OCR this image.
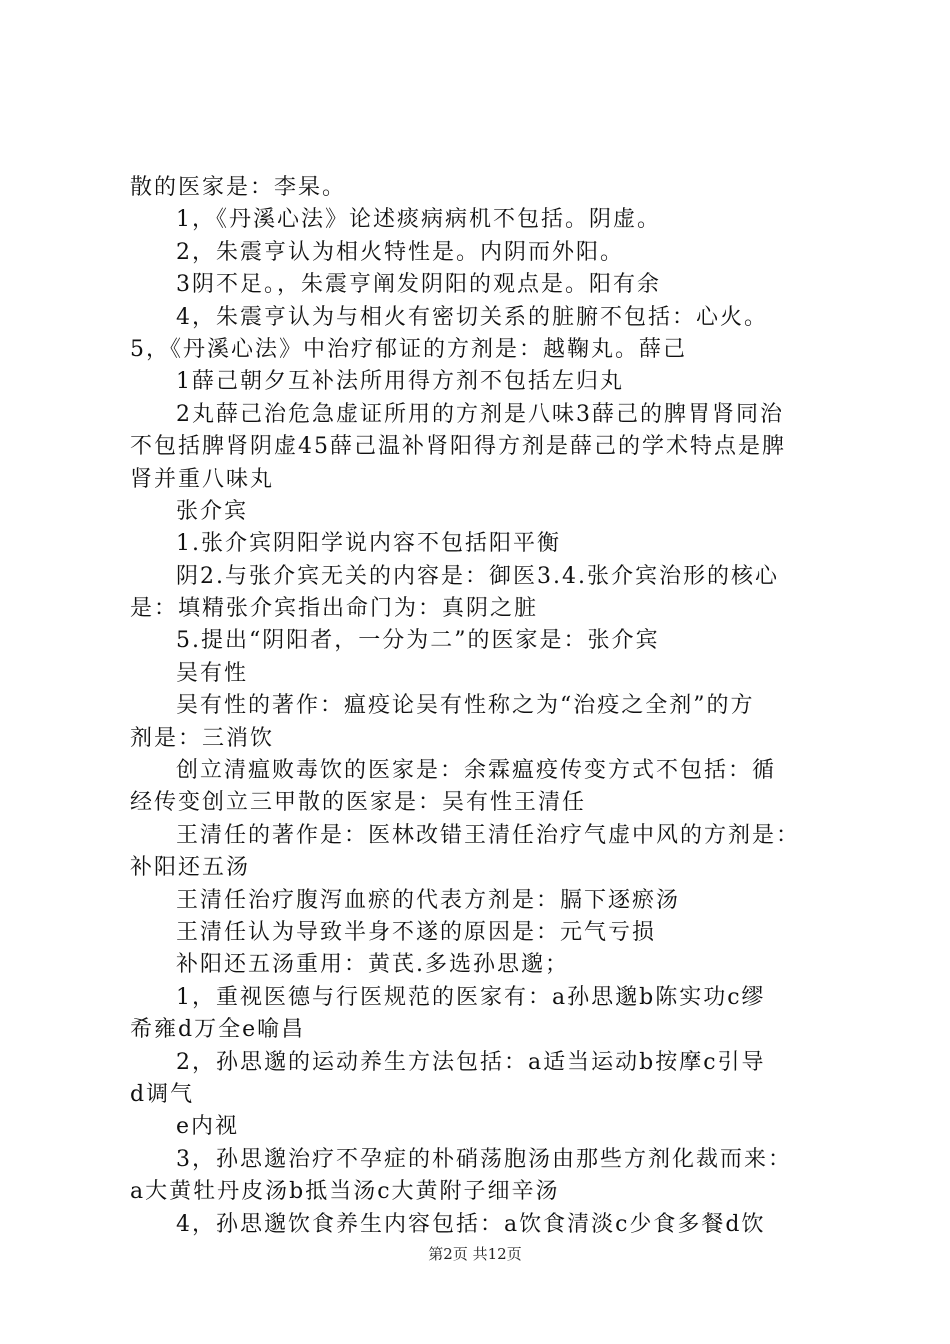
散的医家是：李杲。
1，《丹溪心法》论述痰病病机不包括。阴虚。
2，朱震亨认为相火特性是。内阴而外阳。
3阴不足。，朱震亨阐发阴阳的观点是。阳有余
4，朱震亨认为与相火有密切关系的脏腑不包括：心火。
5，《丹溪心法》中治疗郁证的方剂是：越鞠丸。薛己
1薛己朝夕互补法所用得方剂不包括左归丸
2丸薛己治危急虚证所用的方剂是八味3薛己的脾胃肾同治
不包括脾肾阴虚45薛己温补肾阳得方剂是薛己的学术特点是脾
肾并重八味丸
张介宾
1.张介宾阴阳学说内容不包括阳平衡
阴2.与张介宾无关的内容是：御医3.4.张介宾治形的核心
是：填精张介宾指出命门为：真阴之脏
5.提出“阴阳者，一分为二”的医家是：张介宾
吴有性
吴有性的著作：瘟疫论吴有性称之为“治疫之全剂”的方
剂是：三消饮
创立清瘟败毒饮的医家是：余霖瘟疫传变方式不包括：循
经传变创立三甲散的医家是：吴有性王清任
王清任的著作是：医林改错王清任治疗气虚中风的方剂是：
补阳还五汤
王清任治疗腹泻血瘀的代表方剂是：膈下逐瘀汤
王清任认为导致半身不遂的原因是：元气亏损
补阳还五汤重用：黄芪.多选孙思邈；
1，重视医德与行医规范的医家有：a孙思邈b陈实功c缪
希雍d万全e喻昌
2，孙思邈的运动养生方法包括：a适当运动b按摩c引导
d调气
e内视
3，孙思邈治疗不孕症的朴硝荡胞汤由那些方剂化裁而来：
a大黄牡丹皮汤b抵当汤c大黄附子细辛汤
4，孙思邈饮食养生内容包括：a饮食清淡c少食多餐d饮
第2页 共12页
